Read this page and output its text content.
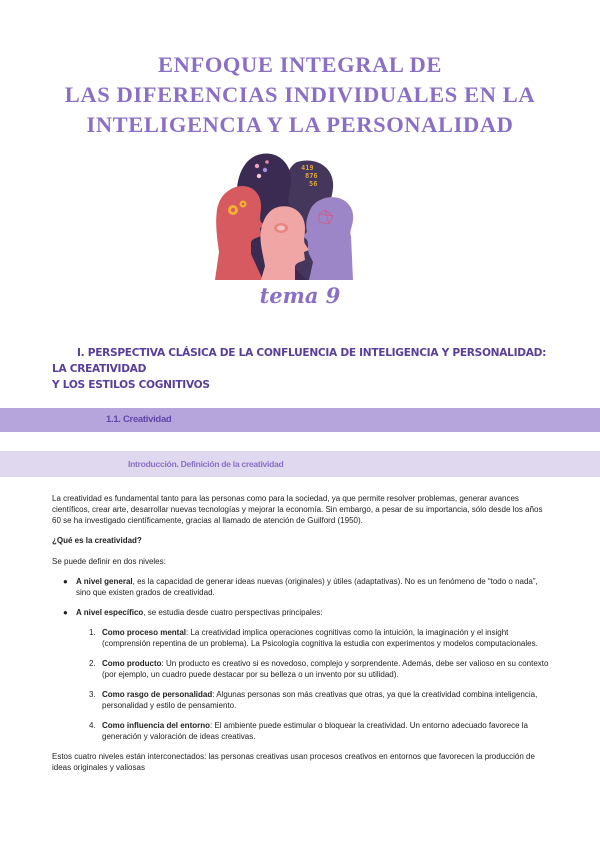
ENFOQUE INTEGRAL DE
LAS DIFERENCIAS INDIVIDUALES EN LA
INTELIGENCIA Y LA PERSONALIDAD
419
876
56
tema 9
I. PERSPECTIVA CLÁSICA DE LA CONFLUENCIA DE INTELIGENCIA Y PERSONALIDAD: LA CREATIVIDAD
Y LOS ESTILOS COGNITIVOS
1.1. Creatividad
Introducción. Definición de la creatividad

La creatividad es fundamental tanto para las personas como para la sociedad, ya que permite resolver problemas, generar avances científicos, crear arte, desarrollar nuevas tecnologías y mejorar la economía. Sin embargo, a pesar de su importancia, sólo desde los años 60 se ha investigado científicamente, gracias al llamado de atención de Guilford (1950).

¿Qué es la creatividad?

Se puede definir en dos niveles:

● A nivel general, es la capacidad de generar ideas nuevas (originales) y útiles (adaptativas). No es un fenómeno de “todo o nada”, sino que existen grados de creatividad.
● A nivel específico, se estudia desde cuatro perspectivas principales:
1. Como proceso mental: La creatividad implica operaciones cognitivas como la intuición, la imaginación y el insight (comprensión repentina de un problema). La Psicología cognitiva la estudia con experimentos y modelos computacionales.
2. Como producto: Un producto es creativo si es novedoso, complejo y sorprendente. Además, debe ser valioso en su contexto (por ejemplo, un cuadro puede destacar por su belleza o un invento por su utilidad).
3. Como rasgo de personalidad: Algunas personas son más creativas que otras, ya que la creatividad combina inteligencia, personalidad y estilo de pensamiento.
4. Como influencia del entorno: El ambiente puede estimular o bloquear la creatividad. Un entorno adecuado favorece la generación y valoración de ideas creativas.

Estos cuatro niveles están interconectados: las personas creativas usan procesos creativos en entornos que favorecen la producción de ideas originales y valiosas
